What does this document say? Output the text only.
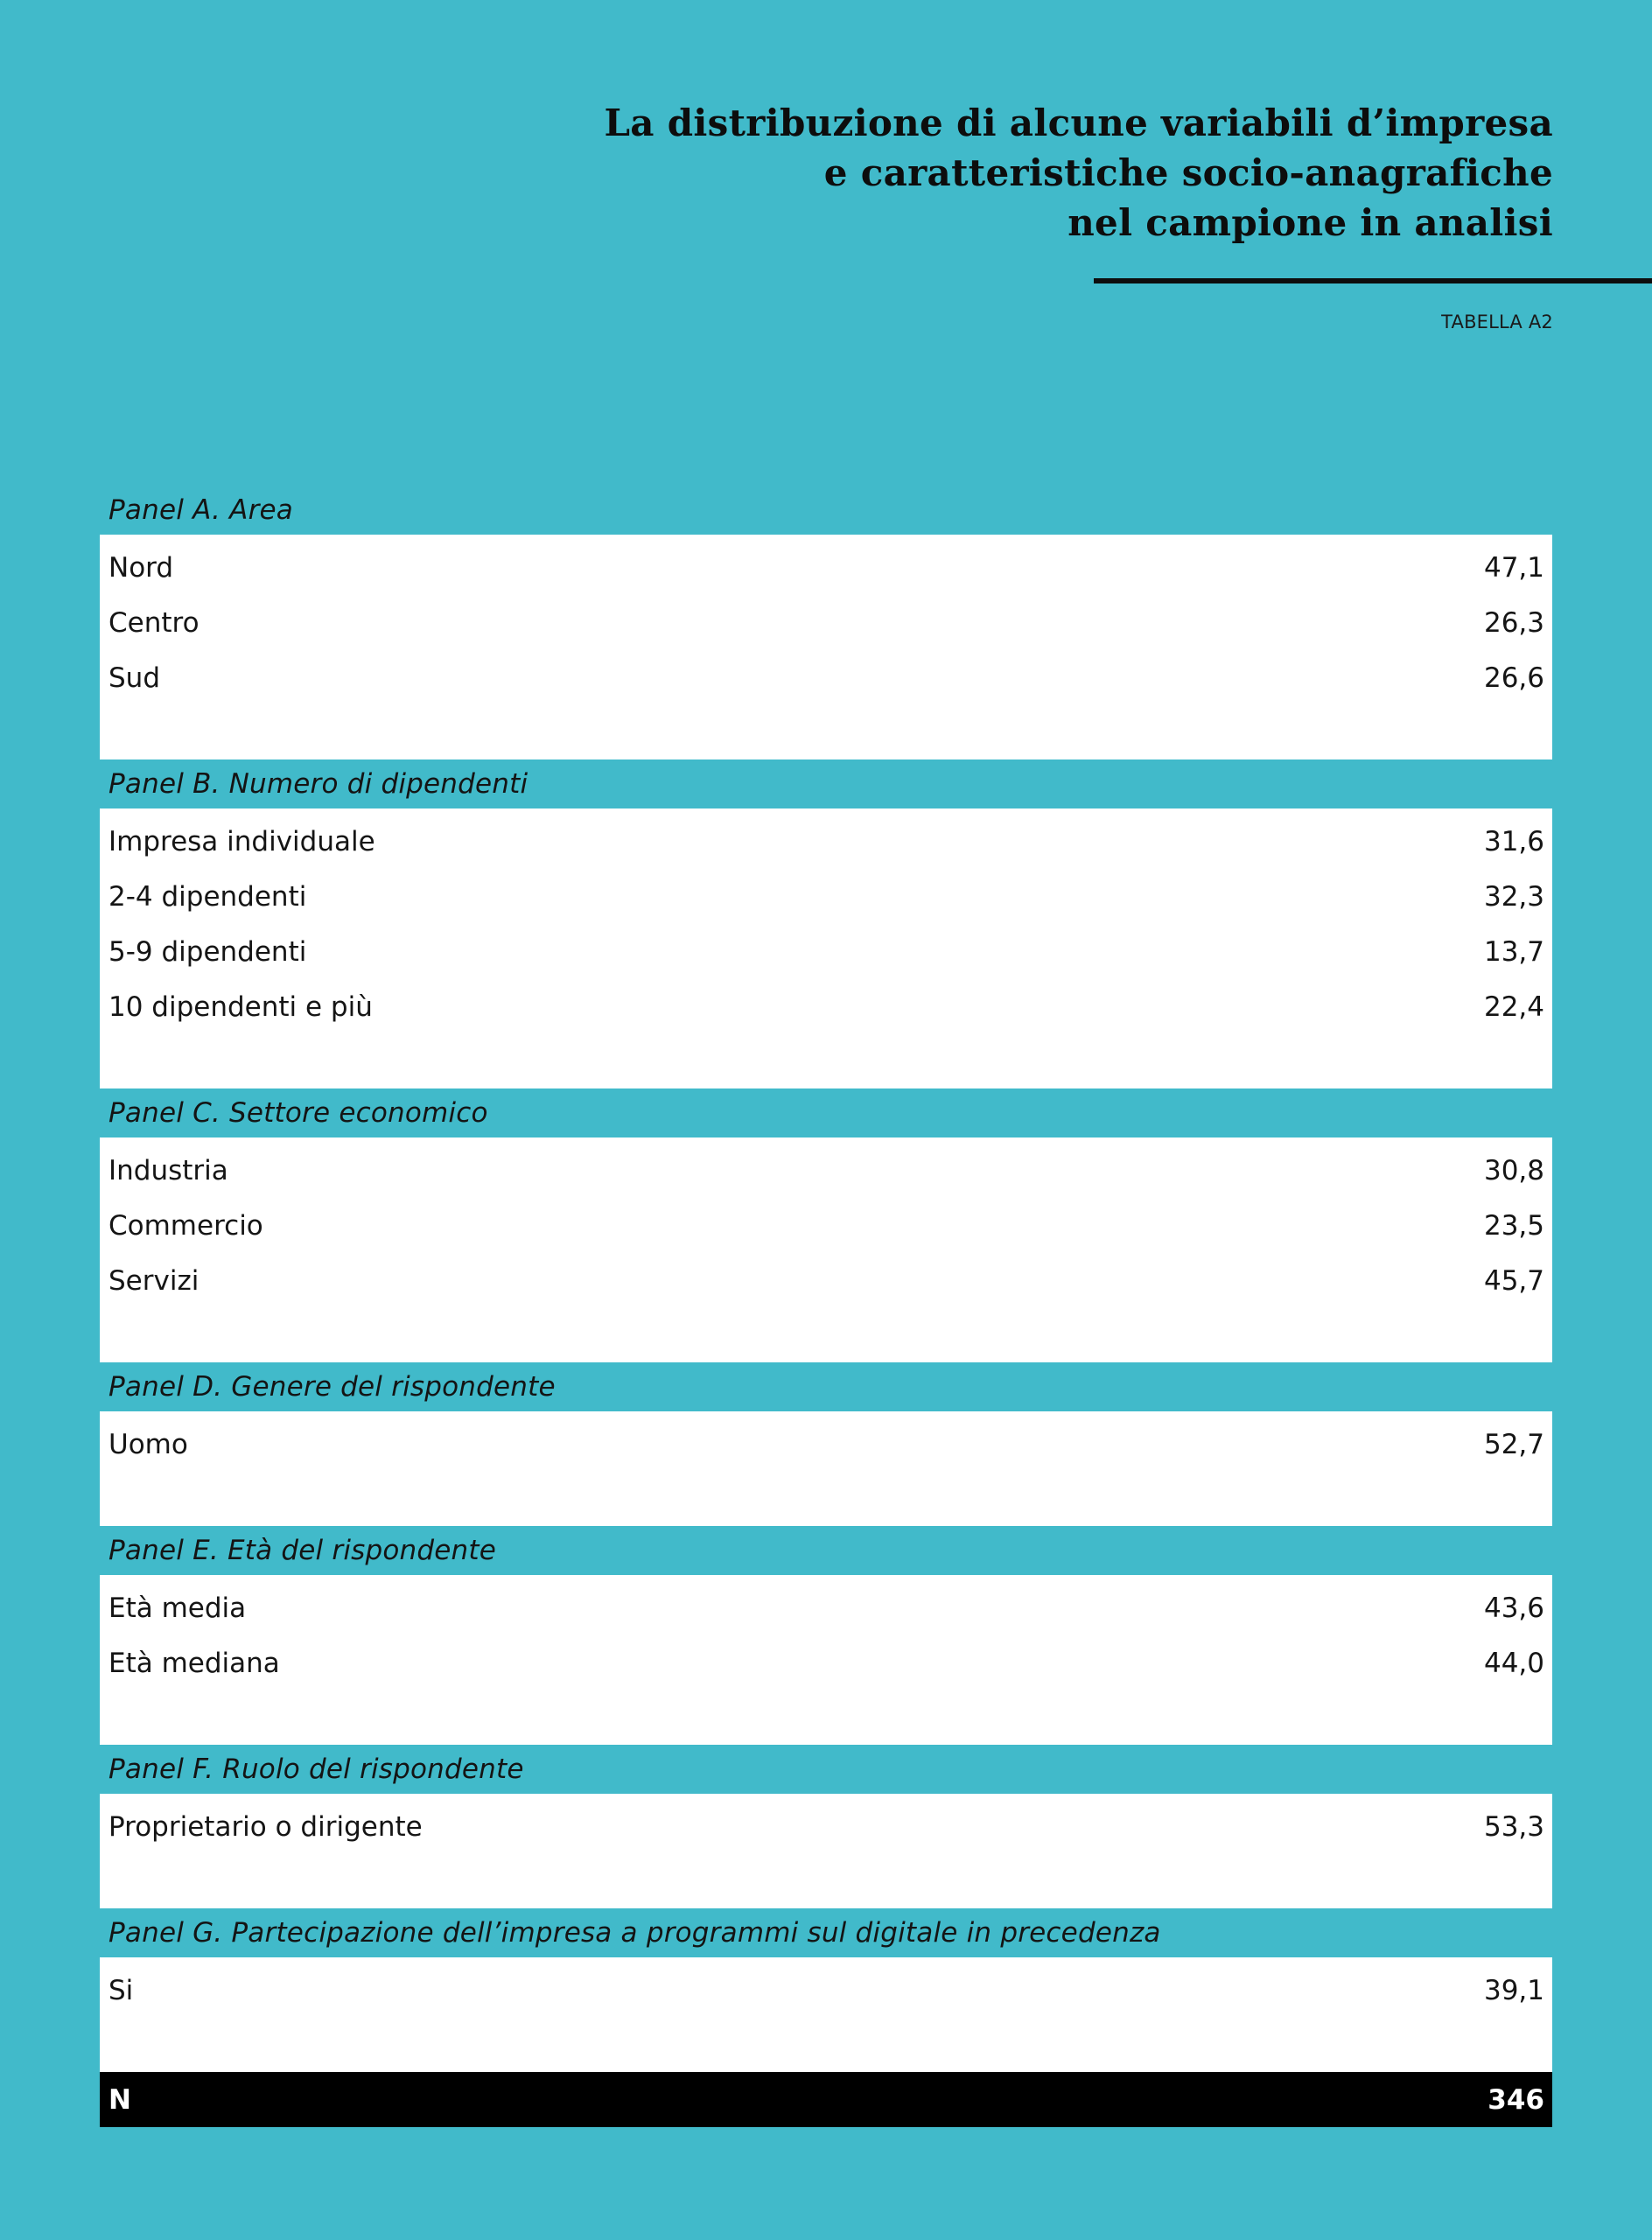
La distribuzione di alcune variabili d’impresa
e caratteristiche socio-anagrafiche
nel campione in analisi
TABELLA A2
Panel A. Area
Nord	47,1
Centro	26,3
Sud	26,6
Panel B. Numero di dipendenti
Impresa individuale	31,6
2-4 dipendenti	32,3
5-9 dipendenti	13,7
10 dipendenti e più	22,4
Panel C. Settore economico
Industria	30,8
Commercio	23,5
Servizi	45,7
Panel D. Genere del rispondente
Uomo	52,7
Panel E. Età del rispondente
Età media	43,6
Età mediana	44,0
Panel F. Ruolo del rispondente
Proprietario o dirigente	53,3
Panel G. Partecipazione dell’impresa a programmi sul digitale in precedenza
Si	39,1
N	346
